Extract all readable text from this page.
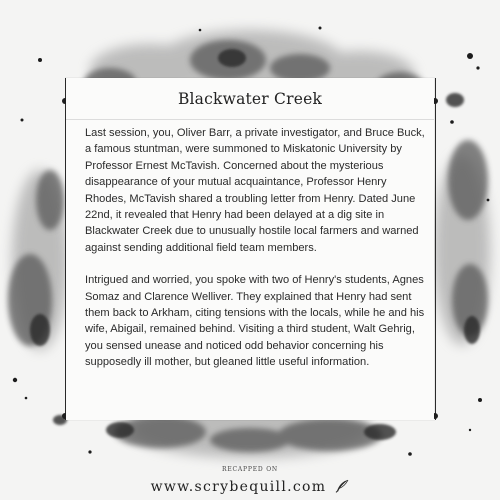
Blackwater Creek

Last session, you, Oliver Barr, a private investigator, and Bruce Buck, a famous stuntman, were summoned to Miskatonic University by Professor Ernest McTavish. Concerned about the mysterious disappearance of your mutual acquaintance, Professor Henry Rhodes, McTavish shared a troubling letter from Henry. Dated June 22nd, it revealed that Henry had been delayed at a dig site in Blackwater Creek due to unusually hostile local farmers and warned against sending additional field team members.

Intrigued and worried, you spoke with two of Henry's students, Agnes Somaz and Clarence Welliver. They explained that Henry had sent them back to Arkham, citing tensions with the locals, while he and his wife, Abigail, remained behind. Visiting a third student, Walt Gehrig, you sensed unease and noticed odd behavior concerning his supposedly ill mother, but gleaned little useful information.

RECAPPED ON
www.scrybequill.com
